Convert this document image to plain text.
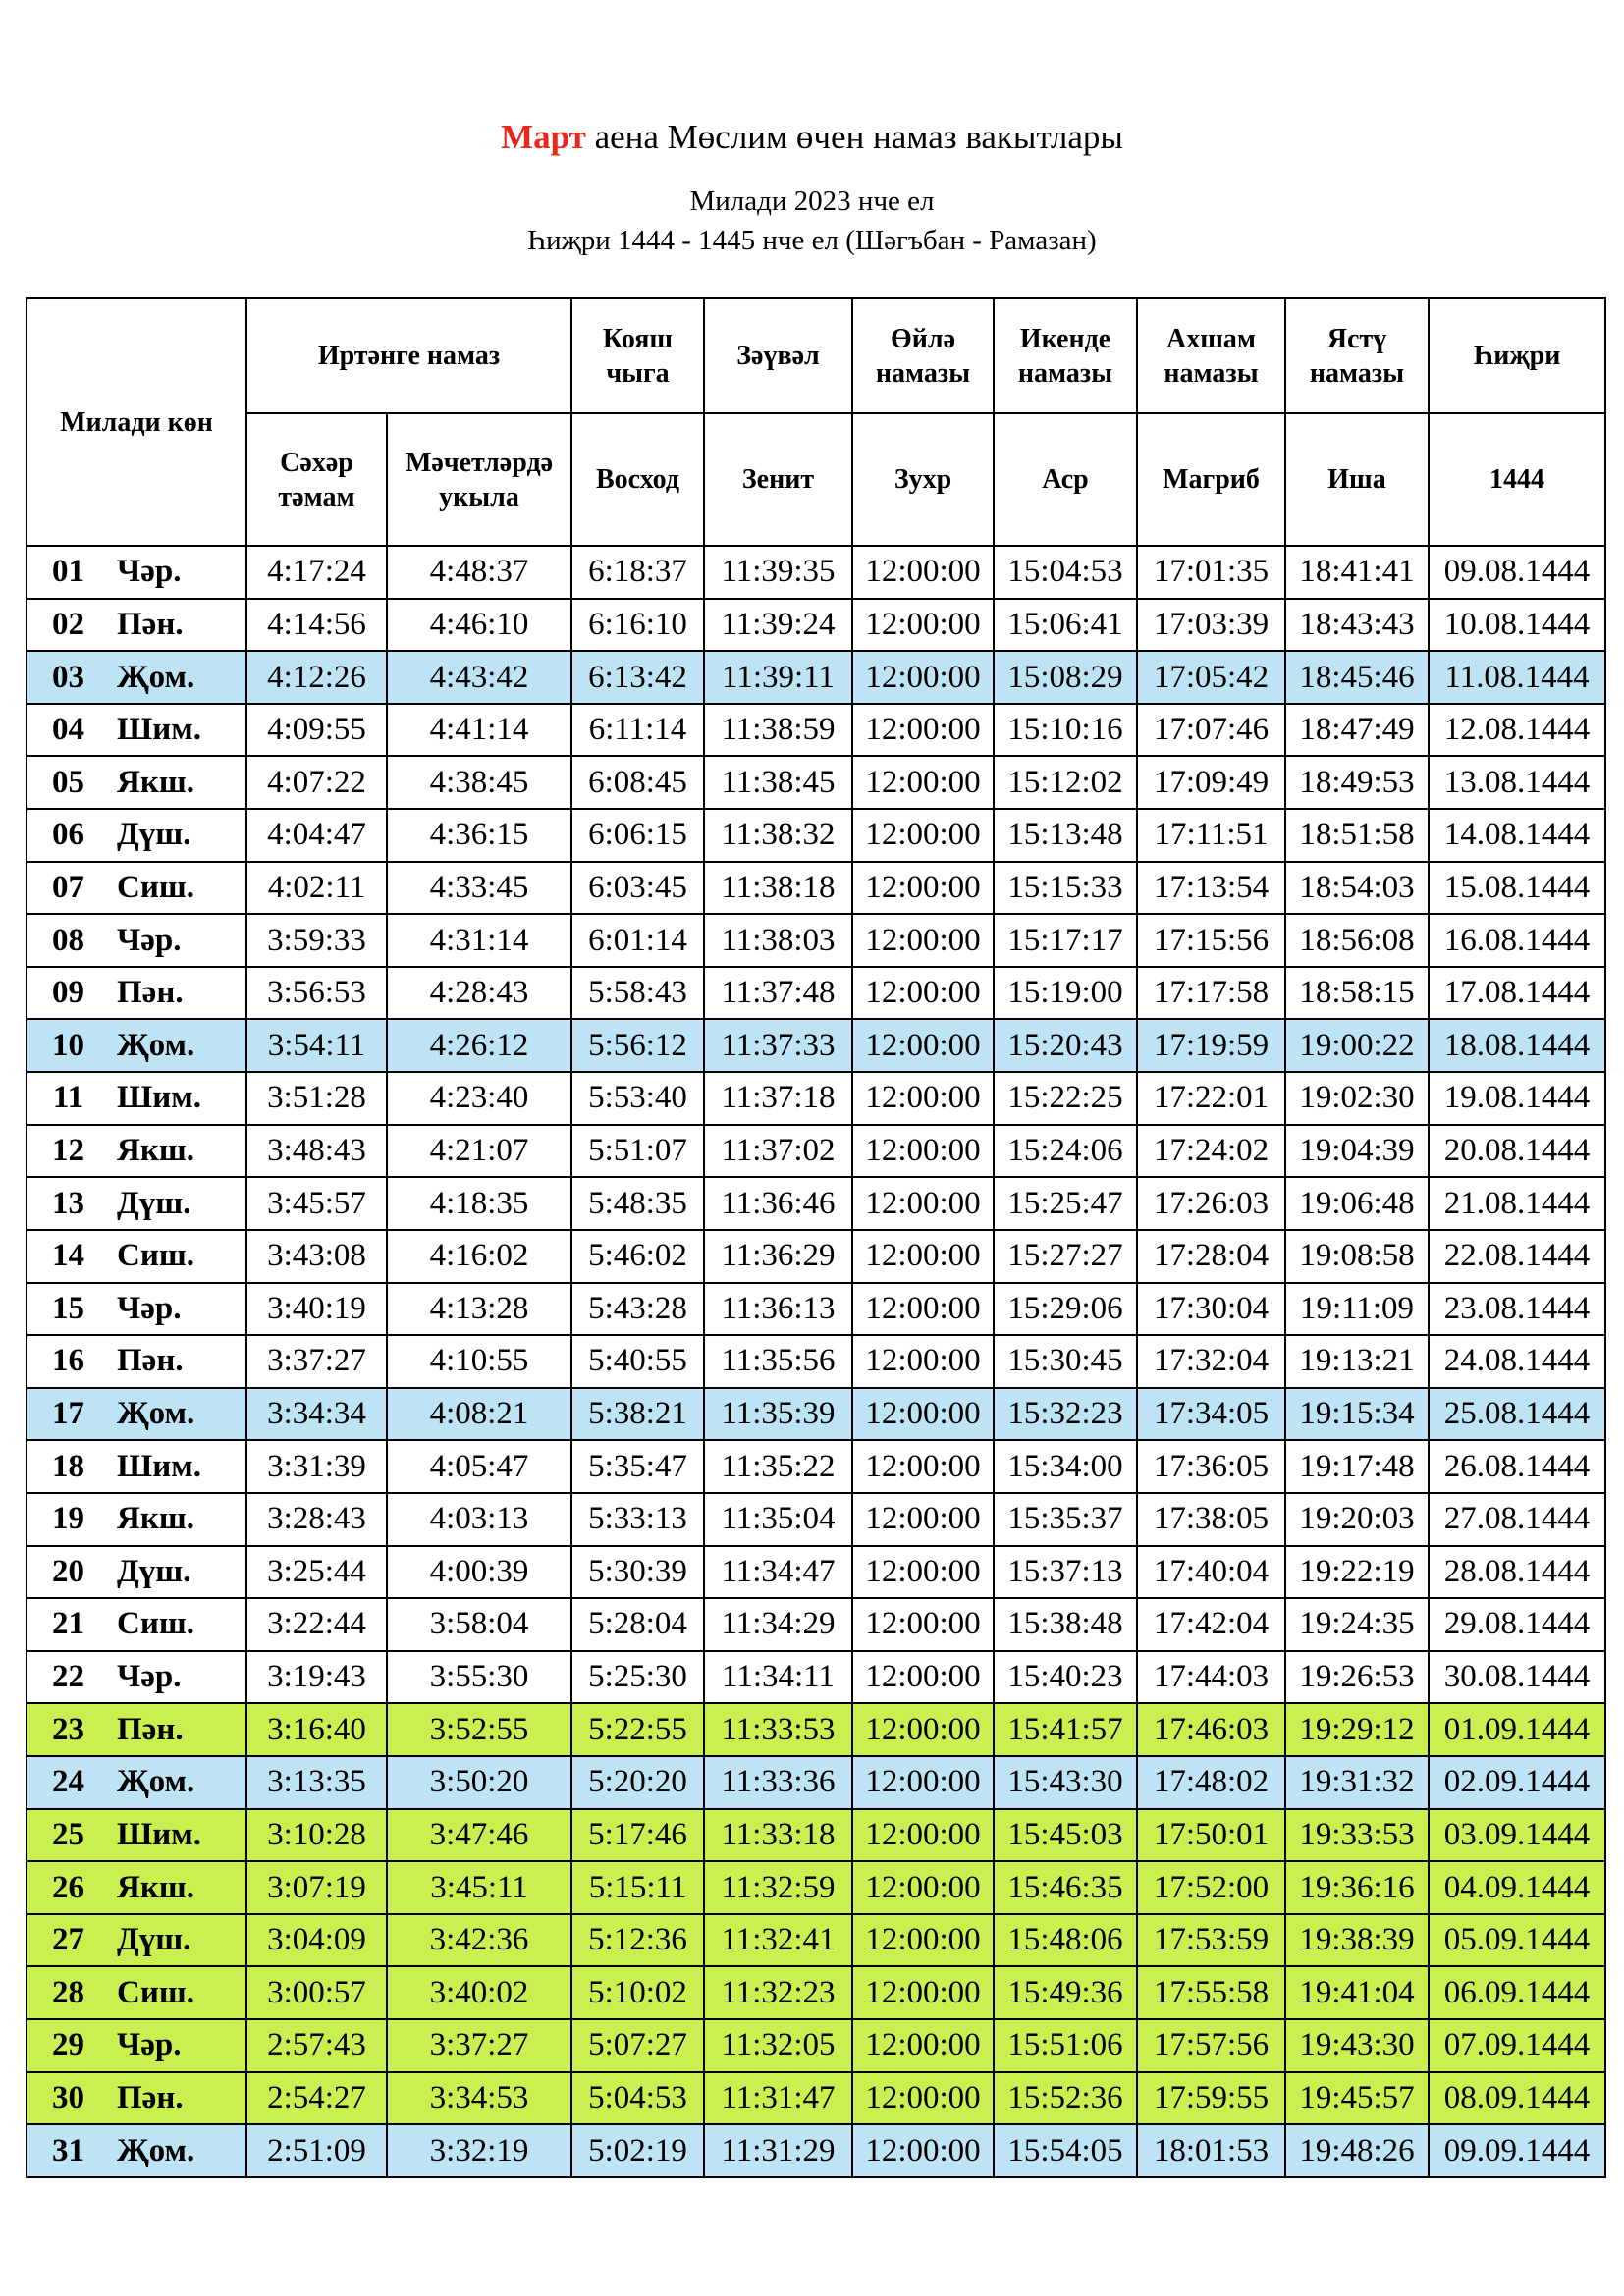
Март аена Мөслим өчен намаз вакытлары
Милади 2023 нче ел
Һиҗри 1444 - 1445 нче ел (Шәгъбан - Рамазан)
Милади көн		Иртәнге намаз		Кояш чыга	Зәүвәл	Өйлә намазы	Икенде намазы	Ахшам намазы	Ястү намазы	Һиҗри
		Сәхәр тәмам	Мәчетләрдә укыла	Восход	Зенит	Зухр	Аср	Магриб	Иша	1444
01	Чәр.	4:17:24	4:48:37	6:18:37	11:39:35	12:00:00	15:04:53	17:01:35	18:41:41	09.08.1444
02	Пән.	4:14:56	4:46:10	6:16:10	11:39:24	12:00:00	15:06:41	17:03:39	18:43:43	10.08.1444
03	Җом.	4:12:26	4:43:42	6:13:42	11:39:11	12:00:00	15:08:29	17:05:42	18:45:46	11.08.1444
04	Шим.	4:09:55	4:41:14	6:11:14	11:38:59	12:00:00	15:10:16	17:07:46	18:47:49	12.08.1444
05	Якш.	4:07:22	4:38:45	6:08:45	11:38:45	12:00:00	15:12:02	17:09:49	18:49:53	13.08.1444
06	Дүш.	4:04:47	4:36:15	6:06:15	11:38:32	12:00:00	15:13:48	17:11:51	18:51:58	14.08.1444
07	Сиш.	4:02:11	4:33:45	6:03:45	11:38:18	12:00:00	15:15:33	17:13:54	18:54:03	15.08.1444
08	Чәр.	3:59:33	4:31:14	6:01:14	11:38:03	12:00:00	15:17:17	17:15:56	18:56:08	16.08.1444
09	Пән.	3:56:53	4:28:43	5:58:43	11:37:48	12:00:00	15:19:00	17:17:58	18:58:15	17.08.1444
10	Җом.	3:54:11	4:26:12	5:56:12	11:37:33	12:00:00	15:20:43	17:19:59	19:00:22	18.08.1444
11	Шим.	3:51:28	4:23:40	5:53:40	11:37:18	12:00:00	15:22:25	17:22:01	19:02:30	19.08.1444
12	Якш.	3:48:43	4:21:07	5:51:07	11:37:02	12:00:00	15:24:06	17:24:02	19:04:39	20.08.1444
13	Дүш.	3:45:57	4:18:35	5:48:35	11:36:46	12:00:00	15:25:47	17:26:03	19:06:48	21.08.1444
14	Сиш.	3:43:08	4:16:02	5:46:02	11:36:29	12:00:00	15:27:27	17:28:04	19:08:58	22.08.1444
15	Чәр.	3:40:19	4:13:28	5:43:28	11:36:13	12:00:00	15:29:06	17:30:04	19:11:09	23.08.1444
16	Пән.	3:37:27	4:10:55	5:40:55	11:35:56	12:00:00	15:30:45	17:32:04	19:13:21	24.08.1444
17	Җом.	3:34:34	4:08:21	5:38:21	11:35:39	12:00:00	15:32:23	17:34:05	19:15:34	25.08.1444
18	Шим.	3:31:39	4:05:47	5:35:47	11:35:22	12:00:00	15:34:00	17:36:05	19:17:48	26.08.1444
19	Якш.	3:28:43	4:03:13	5:33:13	11:35:04	12:00:00	15:35:37	17:38:05	19:20:03	27.08.1444
20	Дүш.	3:25:44	4:00:39	5:30:39	11:34:47	12:00:00	15:37:13	17:40:04	19:22:19	28.08.1444
21	Сиш.	3:22:44	3:58:04	5:28:04	11:34:29	12:00:00	15:38:48	17:42:04	19:24:35	29.08.1444
22	Чәр.	3:19:43	3:55:30	5:25:30	11:34:11	12:00:00	15:40:23	17:44:03	19:26:53	30.08.1444
23	Пән.	3:16:40	3:52:55	5:22:55	11:33:53	12:00:00	15:41:57	17:46:03	19:29:12	01.09.1444
24	Җом.	3:13:35	3:50:20	5:20:20	11:33:36	12:00:00	15:43:30	17:48:02	19:31:32	02.09.1444
25	Шим.	3:10:28	3:47:46	5:17:46	11:33:18	12:00:00	15:45:03	17:50:01	19:33:53	03.09.1444
26	Якш.	3:07:19	3:45:11	5:15:11	11:32:59	12:00:00	15:46:35	17:52:00	19:36:16	04.09.1444
27	Дүш.	3:04:09	3:42:36	5:12:36	11:32:41	12:00:00	15:48:06	17:53:59	19:38:39	05.09.1444
28	Сиш.	3:00:57	3:40:02	5:10:02	11:32:23	12:00:00	15:49:36	17:55:58	19:41:04	06.09.1444
29	Чәр.	2:57:43	3:37:27	5:07:27	11:32:05	12:00:00	15:51:06	17:57:56	19:43:30	07.09.1444
30	Пән.	2:54:27	3:34:53	5:04:53	11:31:47	12:00:00	15:52:36	17:59:55	19:45:57	08.09.1444
31	Җом.	2:51:09	3:32:19	5:02:19	11:31:29	12:00:00	15:54:05	18:01:53	19:48:26	09.09.1444
